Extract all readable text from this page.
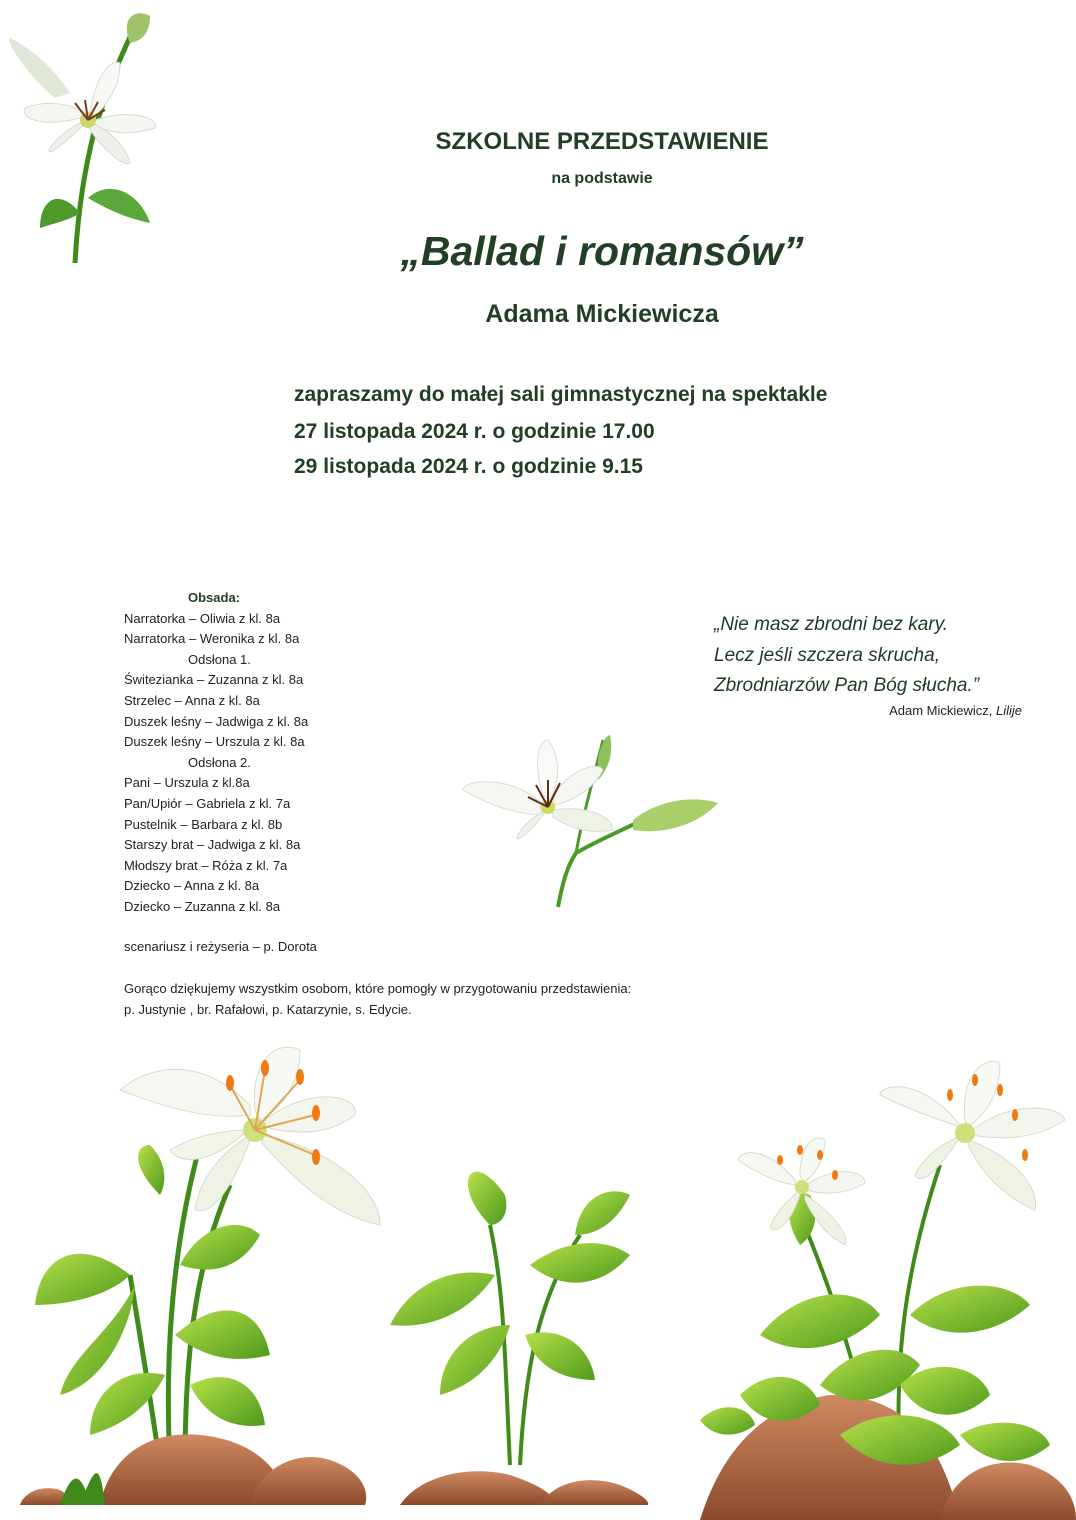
SZKOLNE PRZEDSTAWIENIE
na podstawie
„Ballad i romansów”
Adama Mickiewicza
zapraszamy do małej sali gimnastycznej na spektakle
27 listopada 2024 r. o godzinie 17.00
29 listopada 2024 r. o godzinie 9.15
Obsada:
Narratorka – Oliwia z kl. 8a
Narratorka – Weronika z kl. 8a
Odsłona 1.
Świtezianka – Zuzanna z kl. 8a
Strzelec – Anna z kl. 8a
Duszek leśny – Jadwiga z kl. 8a
Duszek leśny – Urszula z kl. 8a
Odsłona 2.
Pani – Urszula z kl.8a
Pan/Upiór – Gabriela z kl. 7a
Pustelnik – Barbara z kl. 8b
Starszy brat – Jadwiga z kl. 8a
Młodszy brat – Róża z kl. 7a
Dziecko – Anna z kl. 8a
Dziecko – Zuzanna z kl. 8a
scenariusz i reżyseria – p. Dorota
Gorąco dziękujemy wszystkim osobom, które pomogły w przygotowaniu przedstawienia:
p. Justynie , br. Rafałowi, p. Katarzynie, s. Edycie.
„Nie masz zbrodni bez kary.
Lecz jeśli szczera skrucha,
Zbrodniarzów Pan Bóg słucha.”
Adam Mickiewicz, Lilije
